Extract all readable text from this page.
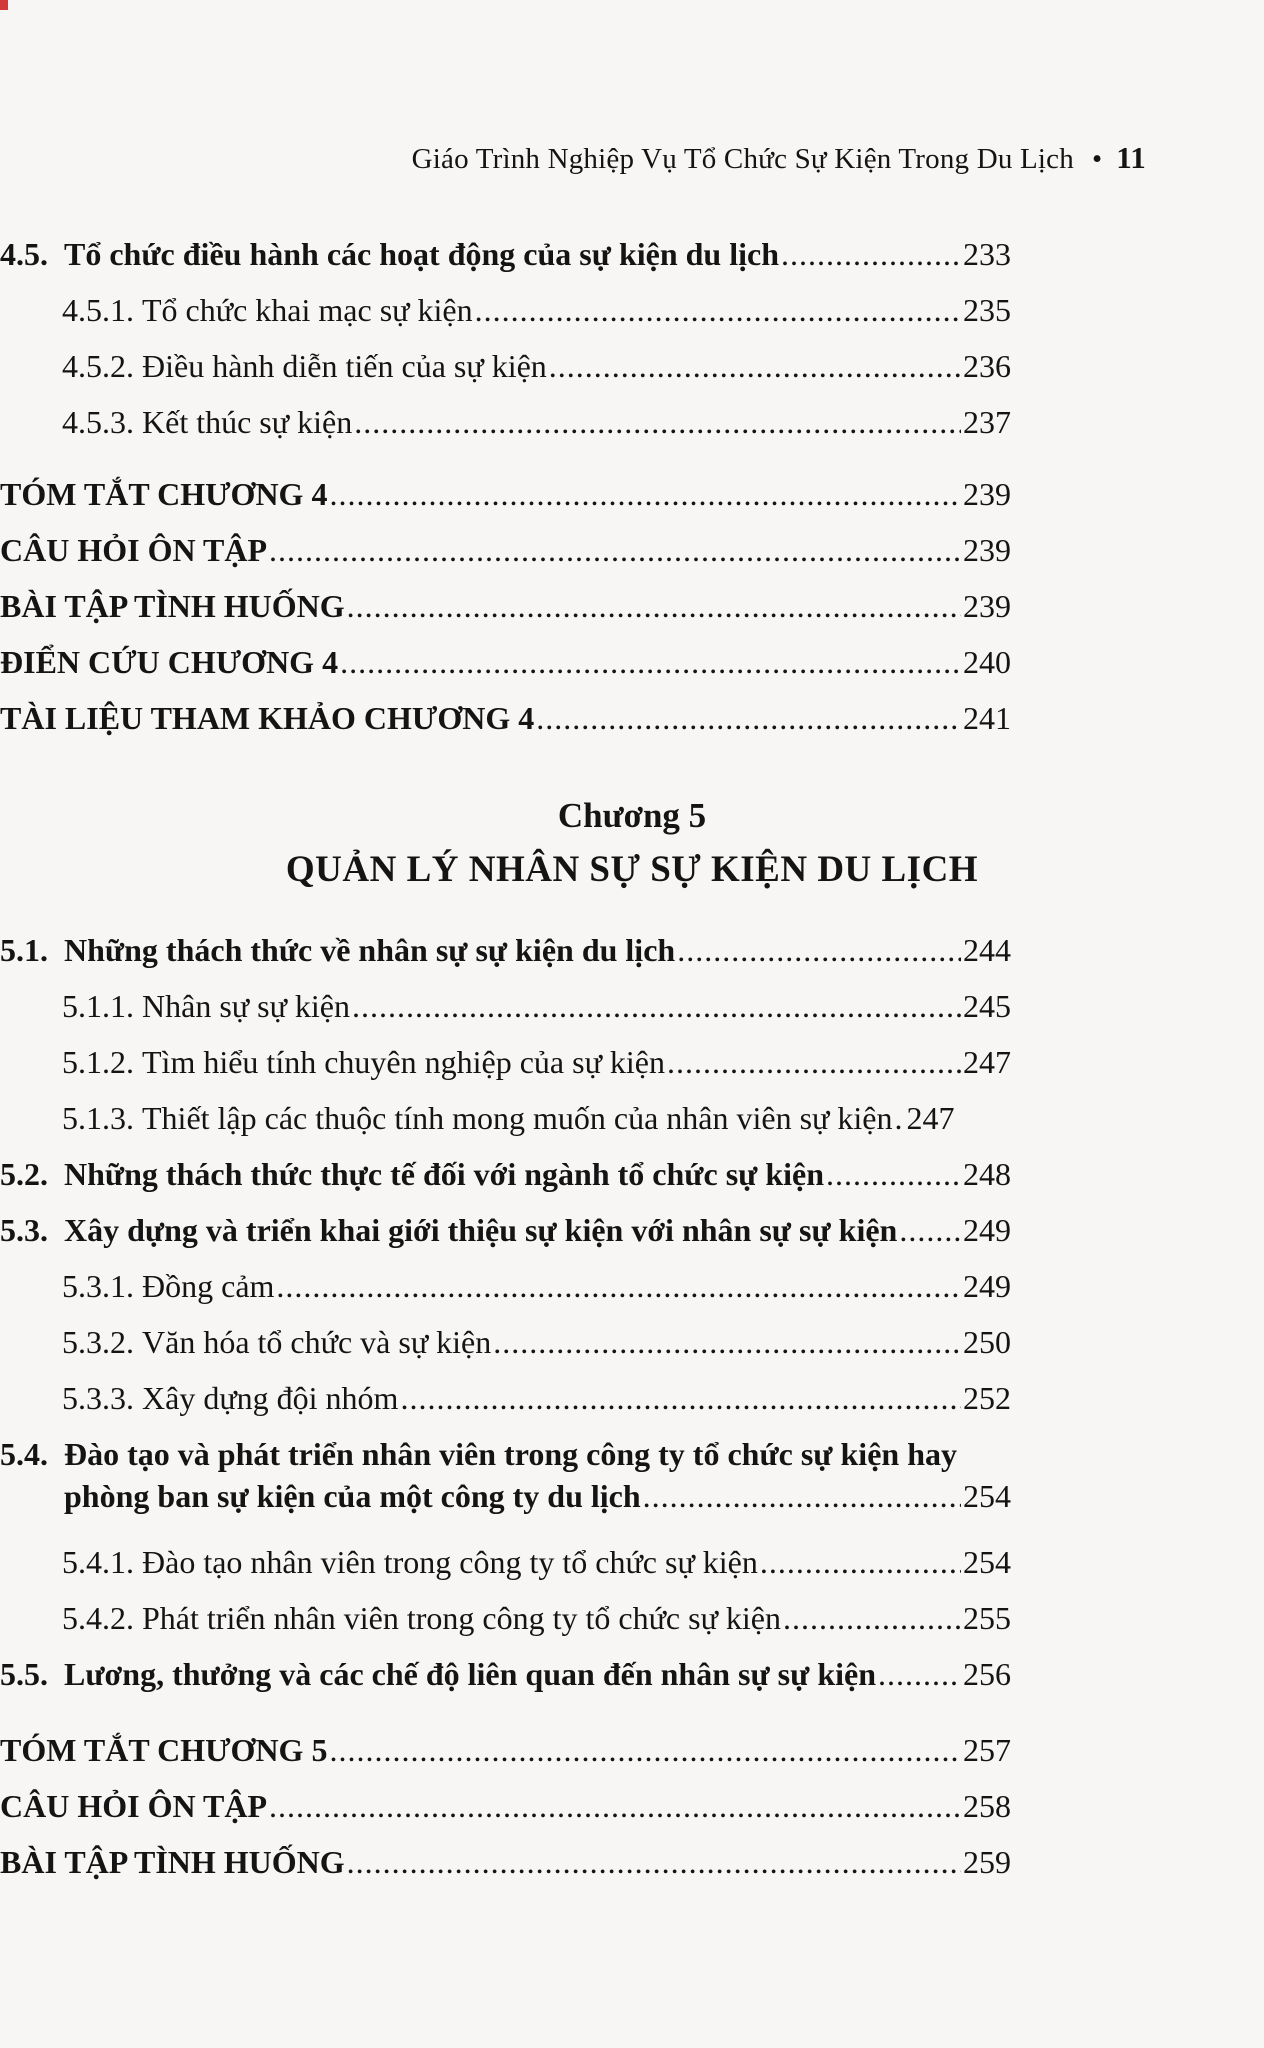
Giáo Trình Nghiệp Vụ Tổ Chức Sự Kiện Trong Du Lịch • 11
4.5. Tổ chức điều hành các hoạt động của sự kiện du lịch .....	233
4.5.1. Tổ chức khai mạc sự kiện .....	235
4.5.2. Điều hành diễn tiến của sự kiện .....	236
4.5.3. Kết thúc sự kiện .....	237
TÓM TẮT CHƯƠNG 4 .....	239
CÂU HỎI ÔN TẬP .....	239
BÀI TẬP TÌNH HUỐNG .....	239
ĐIỂN CỨU CHƯƠNG 4 .....	240
TÀI LIỆU THAM KHẢO CHƯƠNG 4 .....	241
Chương 5
QUẢN LÝ NHÂN SỰ SỰ KIỆN DU LỊCH
5.1. Những thách thức về nhân sự sự kiện du lịch .....	244
5.1.1. Nhân sự sự kiện .....	245
5.1.2. Tìm hiểu tính chuyên nghiệp của sự kiện .....	247
5.1.3. Thiết lập các thuộc tính mong muốn của nhân viên sự kiện ..... 247
5.2. Những thách thức thực tế đối với ngành tổ chức sự kiện .....	248
5.3. Xây dựng và triển khai giới thiệu sự kiện với nhân sự sự kiện ..... 249
5.3.1. Đồng cảm .....	249
5.3.2. Văn hóa tổ chức và sự kiện .....	250
5.3.3. Xây dựng đội nhóm .....	252
5.4. Đào tạo và phát triển nhân viên trong công ty tổ chức sự kiện hay
phòng ban sự kiện của một công ty du lịch .....	254
5.4.1. Đào tạo nhân viên trong công ty tổ chức sự kiện .....	254
5.4.2. Phát triển nhân viên trong công ty tổ chức sự kiện .....	255
5.5. Lương, thưởng và các chế độ liên quan đến nhân sự sự kiện .....	256
TÓM TẮT CHƯƠNG 5 .....	257
CÂU HỎI ÔN TẬP .....	258
BÀI TẬP TÌNH HUỐNG .....	259
